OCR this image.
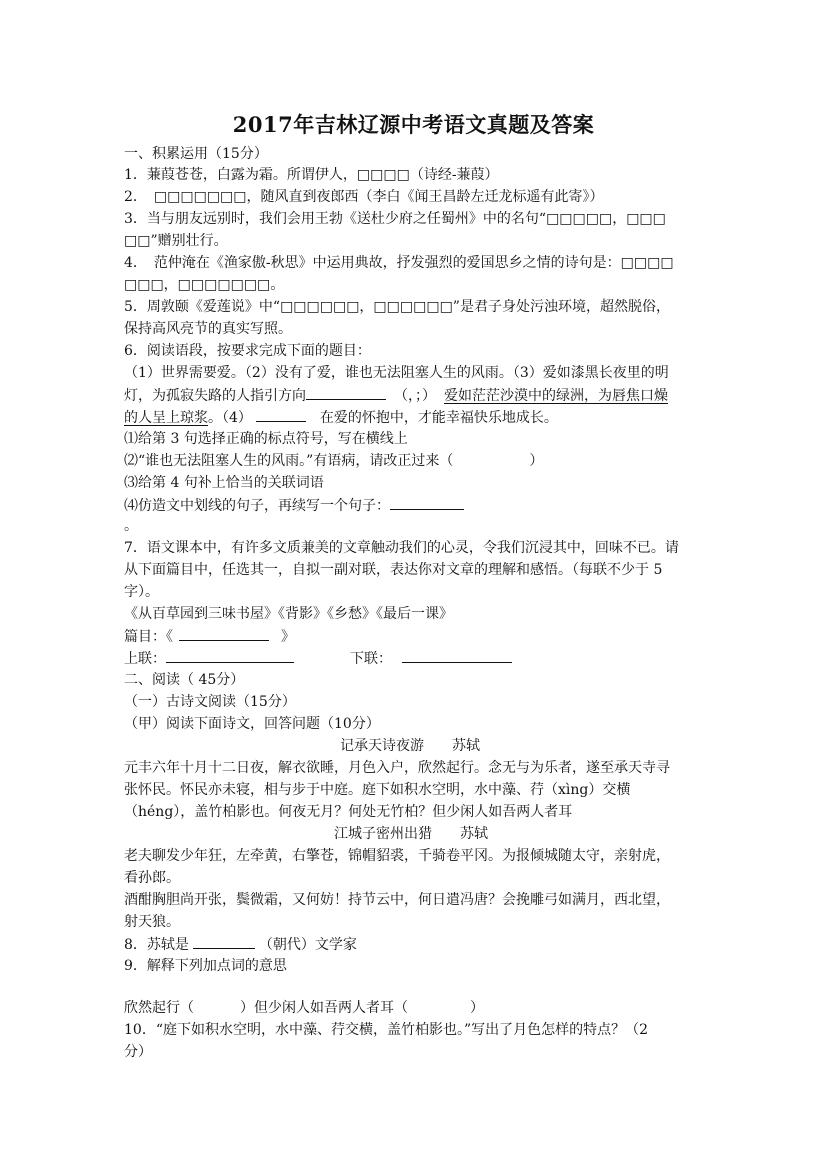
2017年吉林辽源中考语文真题及答案
一、积累运用（15分）
1．蒹葭苍苍，白露为霜。所谓伊人，□□□□（诗经-蒹葭）
2．　□□□□□□□，随风直到夜郎西（李白《闻王昌龄左迁龙标遥有此寄》）
3．当与朋友远别时，我们会用王勃《送杜少府之任蜀州》中的名句“□□□□□，□□□
□□”赠别壮行。
4．　范仲淹在《渔家傲-秋思》中运用典故，抒发强烈的爱国思乡之情的诗句是：□□□□
□□□，□□□□□□□。
5．周敦颐《爱莲说》中“□□□□□□，□□□□□□”是君子身处污浊环境，超然脱俗，
保持高风亮节的真实写照。
6．阅读语段，按要求完成下面的题目：
（1）世界需要爱。（2）没有了爱，谁也无法阻塞人生的风雨。（3）爱如漆黑长夜里的明
灯，为孤寂失路的人指引方向	（，；） 爱如茫茫沙漠中的绿洲，为唇焦口燥
的人呈上琼浆。（4）	在爱的怀抱中，才能幸福快乐地成长。
⑴给第 3 句选择正确的标点符号，写在横线上
⑵“谁也无法阻塞人生的风雨。”有语病，请改正过来（	）
⑶给第 4 句补上恰当的关联词语
⑷仿造文中划线的句子，再续写一个句子：
。
7．语文课本中，有许多文质兼美的文章触动我们的心灵，令我们沉浸其中，回味不已。请
从下面篇目中，任选其一，自拟一副对联，表达你对文章的理解和感悟。（每联不少于 5
字）。
《从百草园到三味书屋》《背影》《乡愁》《最后一课》
篇目：《	》
上联：	下联：
二、阅读（ 45分）
（一）古诗文阅读（15分）
（甲）阅读下面诗文，回答问题（10分）
记承天诗夜游　　苏轼
元丰六年十月十二日夜，解衣欲睡，月色入户，欣然起行。念无与为乐者，遂至承天寺寻
张怀民。怀民亦未寝，相与步于中庭。庭下如积水空明，水中藻、荇（xìng）交横
（héng），盖竹柏影也。何夜无月？何处无竹柏？但少闲人如吾两人者耳
江城子密州出猎　　苏轼
老夫聊发少年狂，左牵黄，右擎苍，锦帽貂裘，千骑卷平冈。为报倾城随太守，亲射虎，
看孙郎。
酒酣胸胆尚开张，鬓微霜，又何妨！持节云中，何日遣冯唐？会挽雕弓如满月，西北望，
射天狼。
8．苏轼是	（朝代）文学家
9．解释下列加点词的意思
欣然起行（	）但少闲人如吾两人者耳（	）
10．“庭下如积水空明，水中藻、荇交横，盖竹柏影也。”写出了月色怎样的特点？（2
分）
